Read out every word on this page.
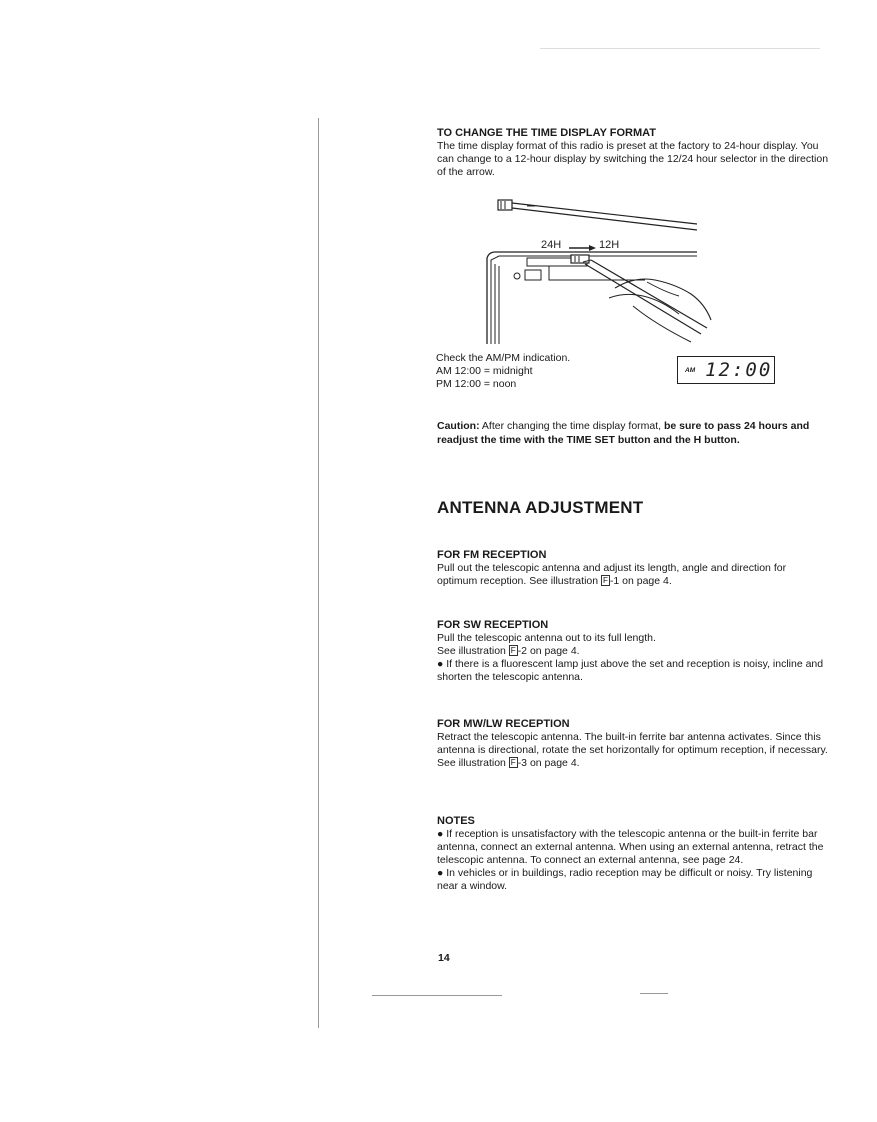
TO CHANGE THE TIME DISPLAY FORMAT
The time display format of this radio is preset at the factory to 24-hour display. You can change to a 12-hour display by switching the 12/24 hour selector in the direction of the arrow.
24H	12H
Check the AM/PM indication.
AM 12:00 = midnight
PM 12:00 = noon
AM 12:00
Caution: After changing the time display format, be sure to pass 24 hours and readjust the time with the TIME SET button and the H button.
ANTENNA ADJUSTMENT
FOR FM RECEPTION
Pull out the telescopic antenna and adjust its length, angle and direction for optimum reception. See illustration F -1 on page 4.
FOR SW RECEPTION
Pull the telescopic antenna out to its full length.
See illustration F -2 on page 4.
● If there is a fluorescent lamp just above the set and reception is noisy, incline and shorten the telescopic antenna.
FOR MW/LW RECEPTION
Retract the telescopic antenna. The built-in ferrite bar antenna activates. Since this antenna is directional, rotate the set horizontally for optimum reception, if necessary. See illustration F -3 on page 4.
NOTES
● If reception is unsatisfactory with the telescopic antenna or the built-in ferrite bar antenna, connect an external antenna. When using an external antenna, retract the telescopic antenna. To connect an external antenna, see page 24.
● In vehicles or in buildings, radio reception may be difficult or noisy. Try listening near a window.
14
